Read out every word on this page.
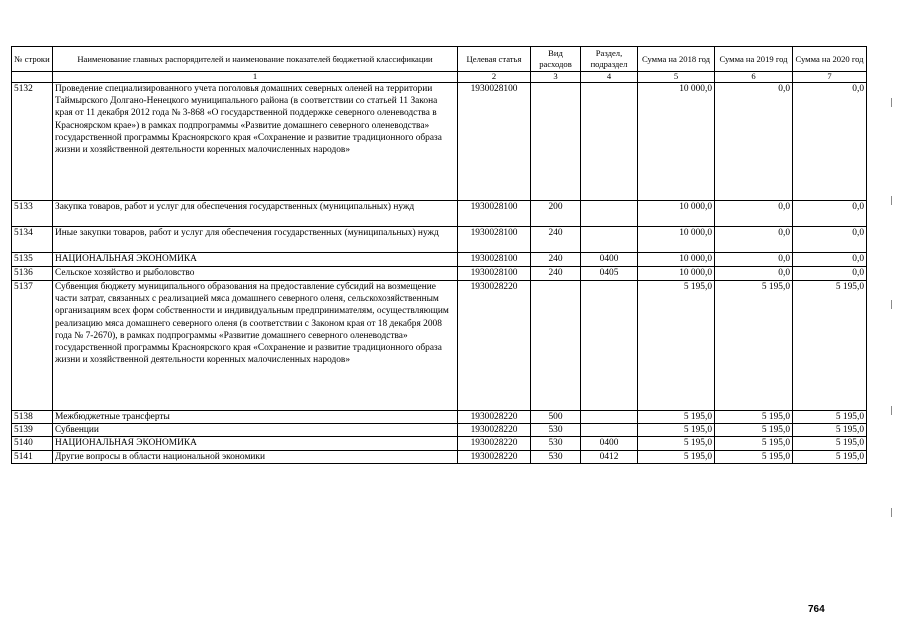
№ строки	Наименование главных распорядителей и наименование показателей бюджетной классификации	Целевая статья	Вид расходов	Раздел, подраздел	Сумма на 2018 год	Сумма на 2019 год	Сумма на 2020 год
	1	2	3	4	5	6	7
5132	Проведение специализированного учета поголовья домашних северных оленей на территории Таймырского Долгано-Ненецкого муниципального района (в соответствии со статьей 11 Закона края от 11 декабря 2012 года № 3-868 «О государственной поддержке северного оленеводства в Красноярском крае») в рамках подпрограммы «Развитие домашнего северного оленеводства» государственной программы Красноярского края «Сохранение и развитие традиционного образа жизни и хозяйственной деятельности коренных малочисленных народов»	1930028100			10 000,0	0,0	0,0
5133	Закупка товаров, работ и услуг для обеспечения государственных (муниципальных) нужд	1930028100	200		10 000,0	0,0	0,0
5134	Иные закупки товаров, работ и услуг для обеспечения государственных (муниципальных) нужд	1930028100	240		10 000,0	0,0	0,0
5135	НАЦИОНАЛЬНАЯ ЭКОНОМИКА	1930028100	240	0400	10 000,0	0,0	0,0
5136	Сельское хозяйство и рыболовство	1930028100	240	0405	10 000,0	0,0	0,0
5137	Субвенция бюджету муниципального образования на предоставление субсидий на возмещение части затрат, связанных с реализацией мяса домашнего северного оленя, сельскохозяйственным организациям всех форм собственности и индивидуальным предпринимателям, осуществляющим реализацию мяса домашнего северного оленя (в соответствии с Законом края от 18 декабря 2008 года № 7-2670), в рамках подпрограммы «Развитие домашнего северного оленеводства» государственной программы Красноярского края «Сохранение и развитие традиционного образа жизни и хозяйственной деятельности коренных малочисленных народов»	1930028220			5 195,0	5 195,0	5 195,0
5138	Межбюджетные трансферты	1930028220	500		5 195,0	5 195,0	5 195,0
5139	Субвенции	1930028220	530		5 195,0	5 195,0	5 195,0
5140	НАЦИОНАЛЬНАЯ ЭКОНОМИКА	1930028220	530	0400	5 195,0	5 195,0	5 195,0
5141	Другие вопросы в области национальной экономики	1930028220	530	0412	5 195,0	5 195,0	5 195,0
764
